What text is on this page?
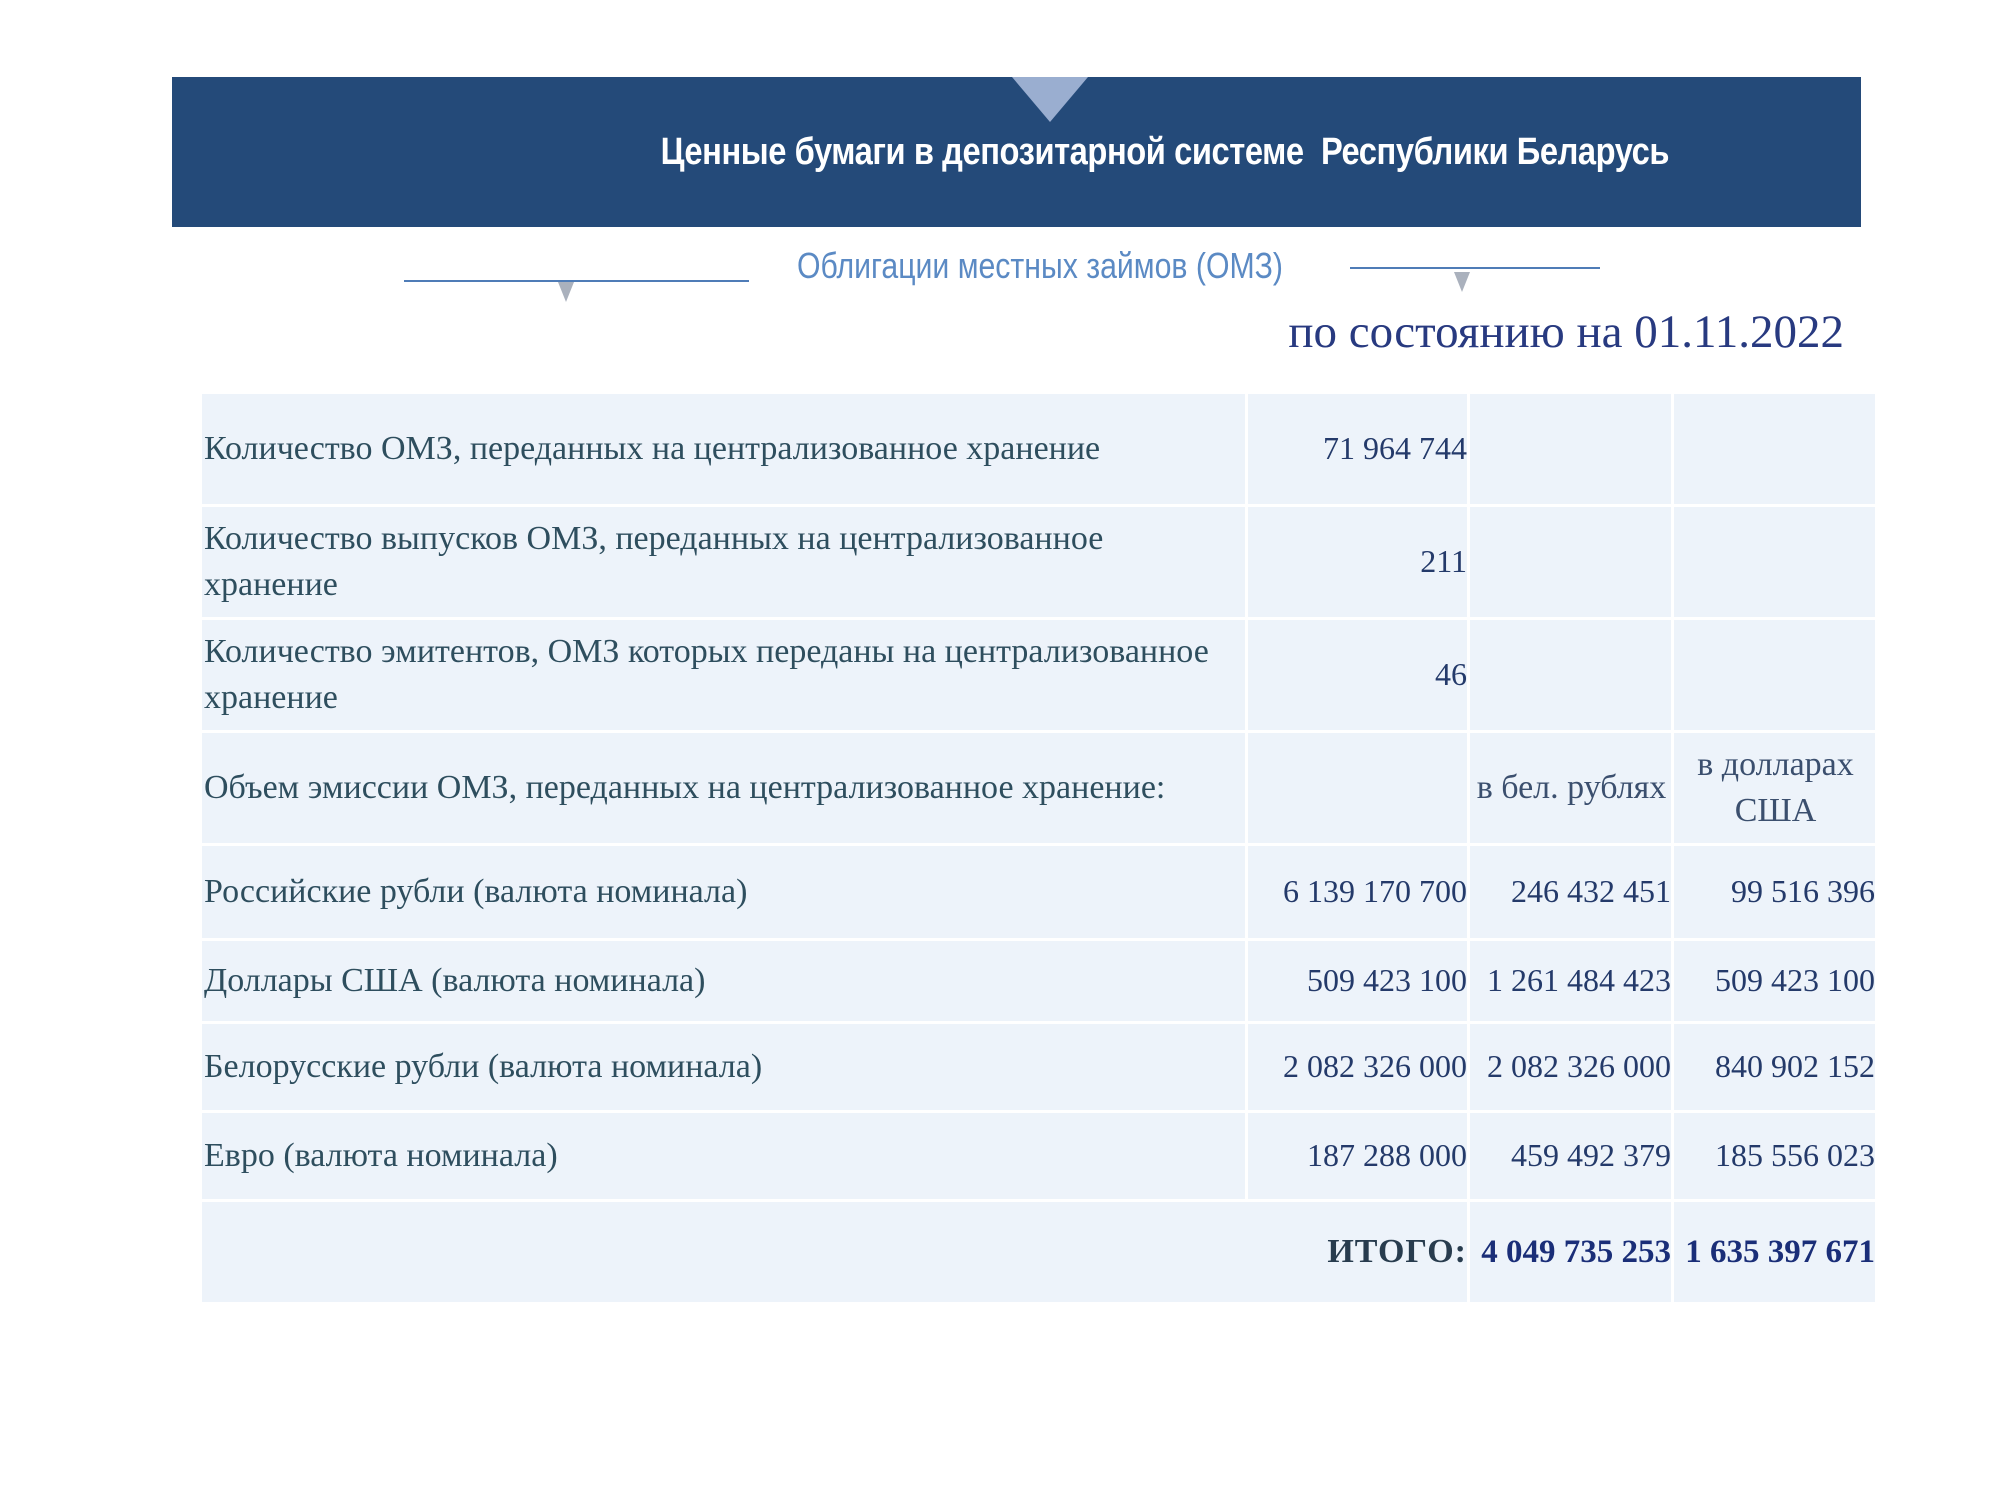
Ценные бумаги в депозитарной системе  Республики Беларусь
Облигации местных займов (ОМЗ)
по состоянию на 01.11.2022
Количество ОМЗ, переданных на централизованное хранение	71 964 744		
Количество выпусков ОМЗ, переданных на централизованное хранение	211		
Количество эмитентов, ОМЗ которых переданы на централизованное хранение	46		
Объем эмиссии ОМЗ, переданных на централизованное хранение:		в бел. рублях	в долларах США
Российские рубли (валюта номинала)	6 139 170 700	246 432 451	99 516 396
Доллары США (валюта номинала)	509 423 100	1 261 484 423	509 423 100
Белорусские рубли (валюта номинала)	2 082 326 000	2 082 326 000	840 902 152
Евро (валюта номинала)	187 288 000	459 492 379	185 556 023
ИТОГО:		4 049 735 253	1 635 397 671
